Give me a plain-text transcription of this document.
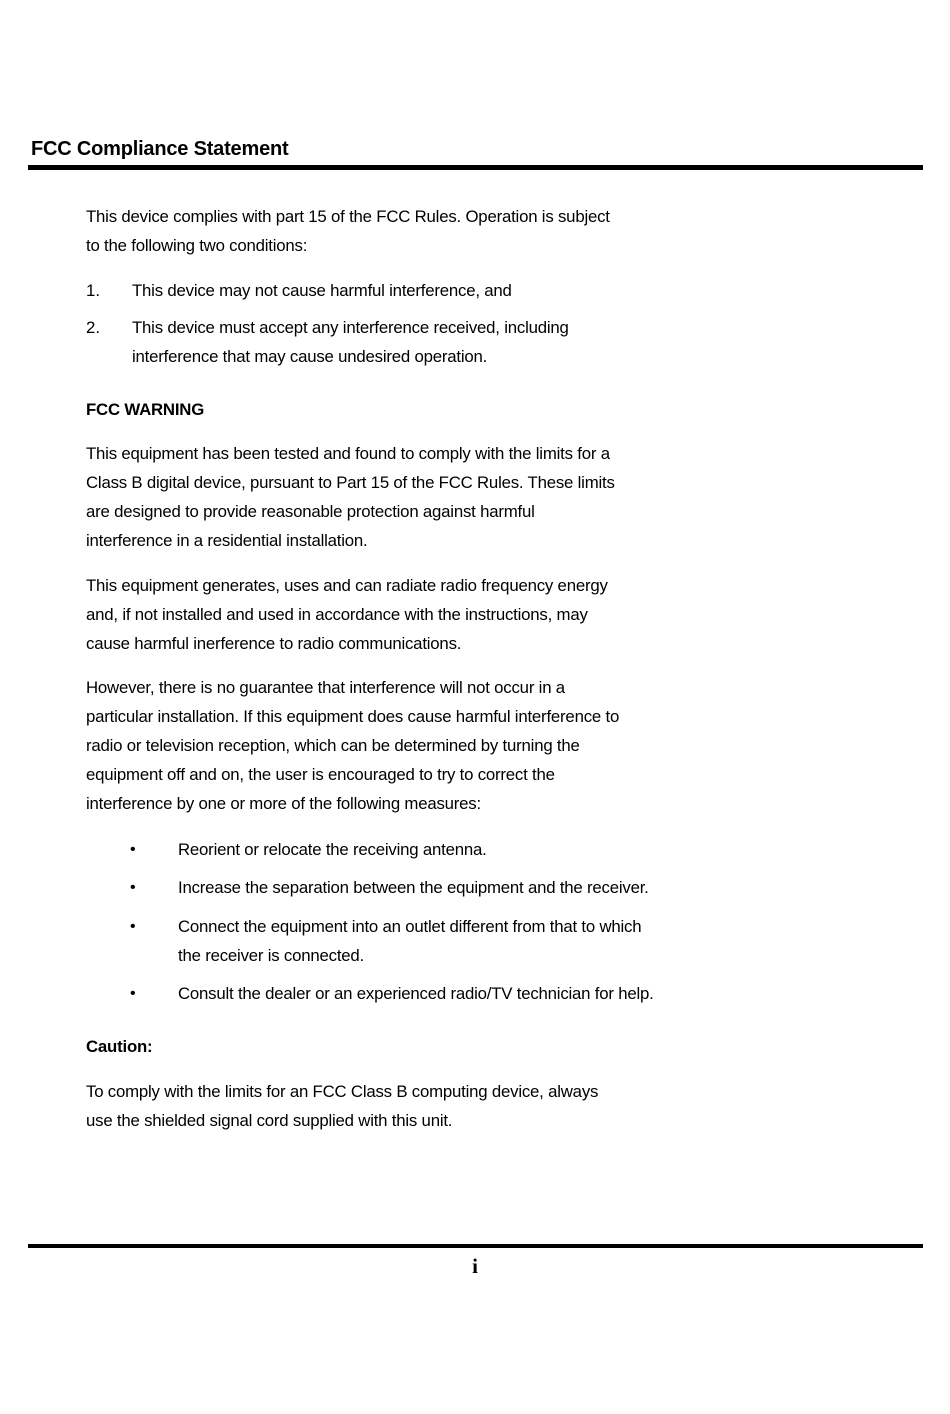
FCC Compliance Statement
This device complies with part 15 of the FCC Rules. Operation is subject
to the following two conditions:
1. This device may not cause harmful interference, and
2. This device must accept any interference received, including
interference that may cause undesired operation.
FCC WARNING
This equipment has been tested and found to comply with the limits for a
Class B digital device, pursuant to Part 15 of the FCC Rules. These limits
are designed to provide reasonable protection against harmful
interference in a residential installation.
This equipment generates, uses and can radiate radio frequency energy
and, if not installed and used in accordance with the instructions, may
cause harmful inerference to radio communications.
However, there is no guarantee that interference will not occur in a
particular installation. If this equipment does cause harmful interference to
radio or television reception, which can be determined by turning the
equipment off and on, the user is encouraged to try to correct the
interference by one or more of the following measures:
•	Reorient or relocate the receiving antenna.
•	Increase the separation between the equipment and the receiver.
•	Connect the equipment into an outlet different from that to which
the receiver is connected.
•	Consult the dealer or an experienced radio/TV technician for help.
Caution:
To comply with the limits for an FCC Class B computing device, always
use the shielded signal cord supplied with this unit.
i
